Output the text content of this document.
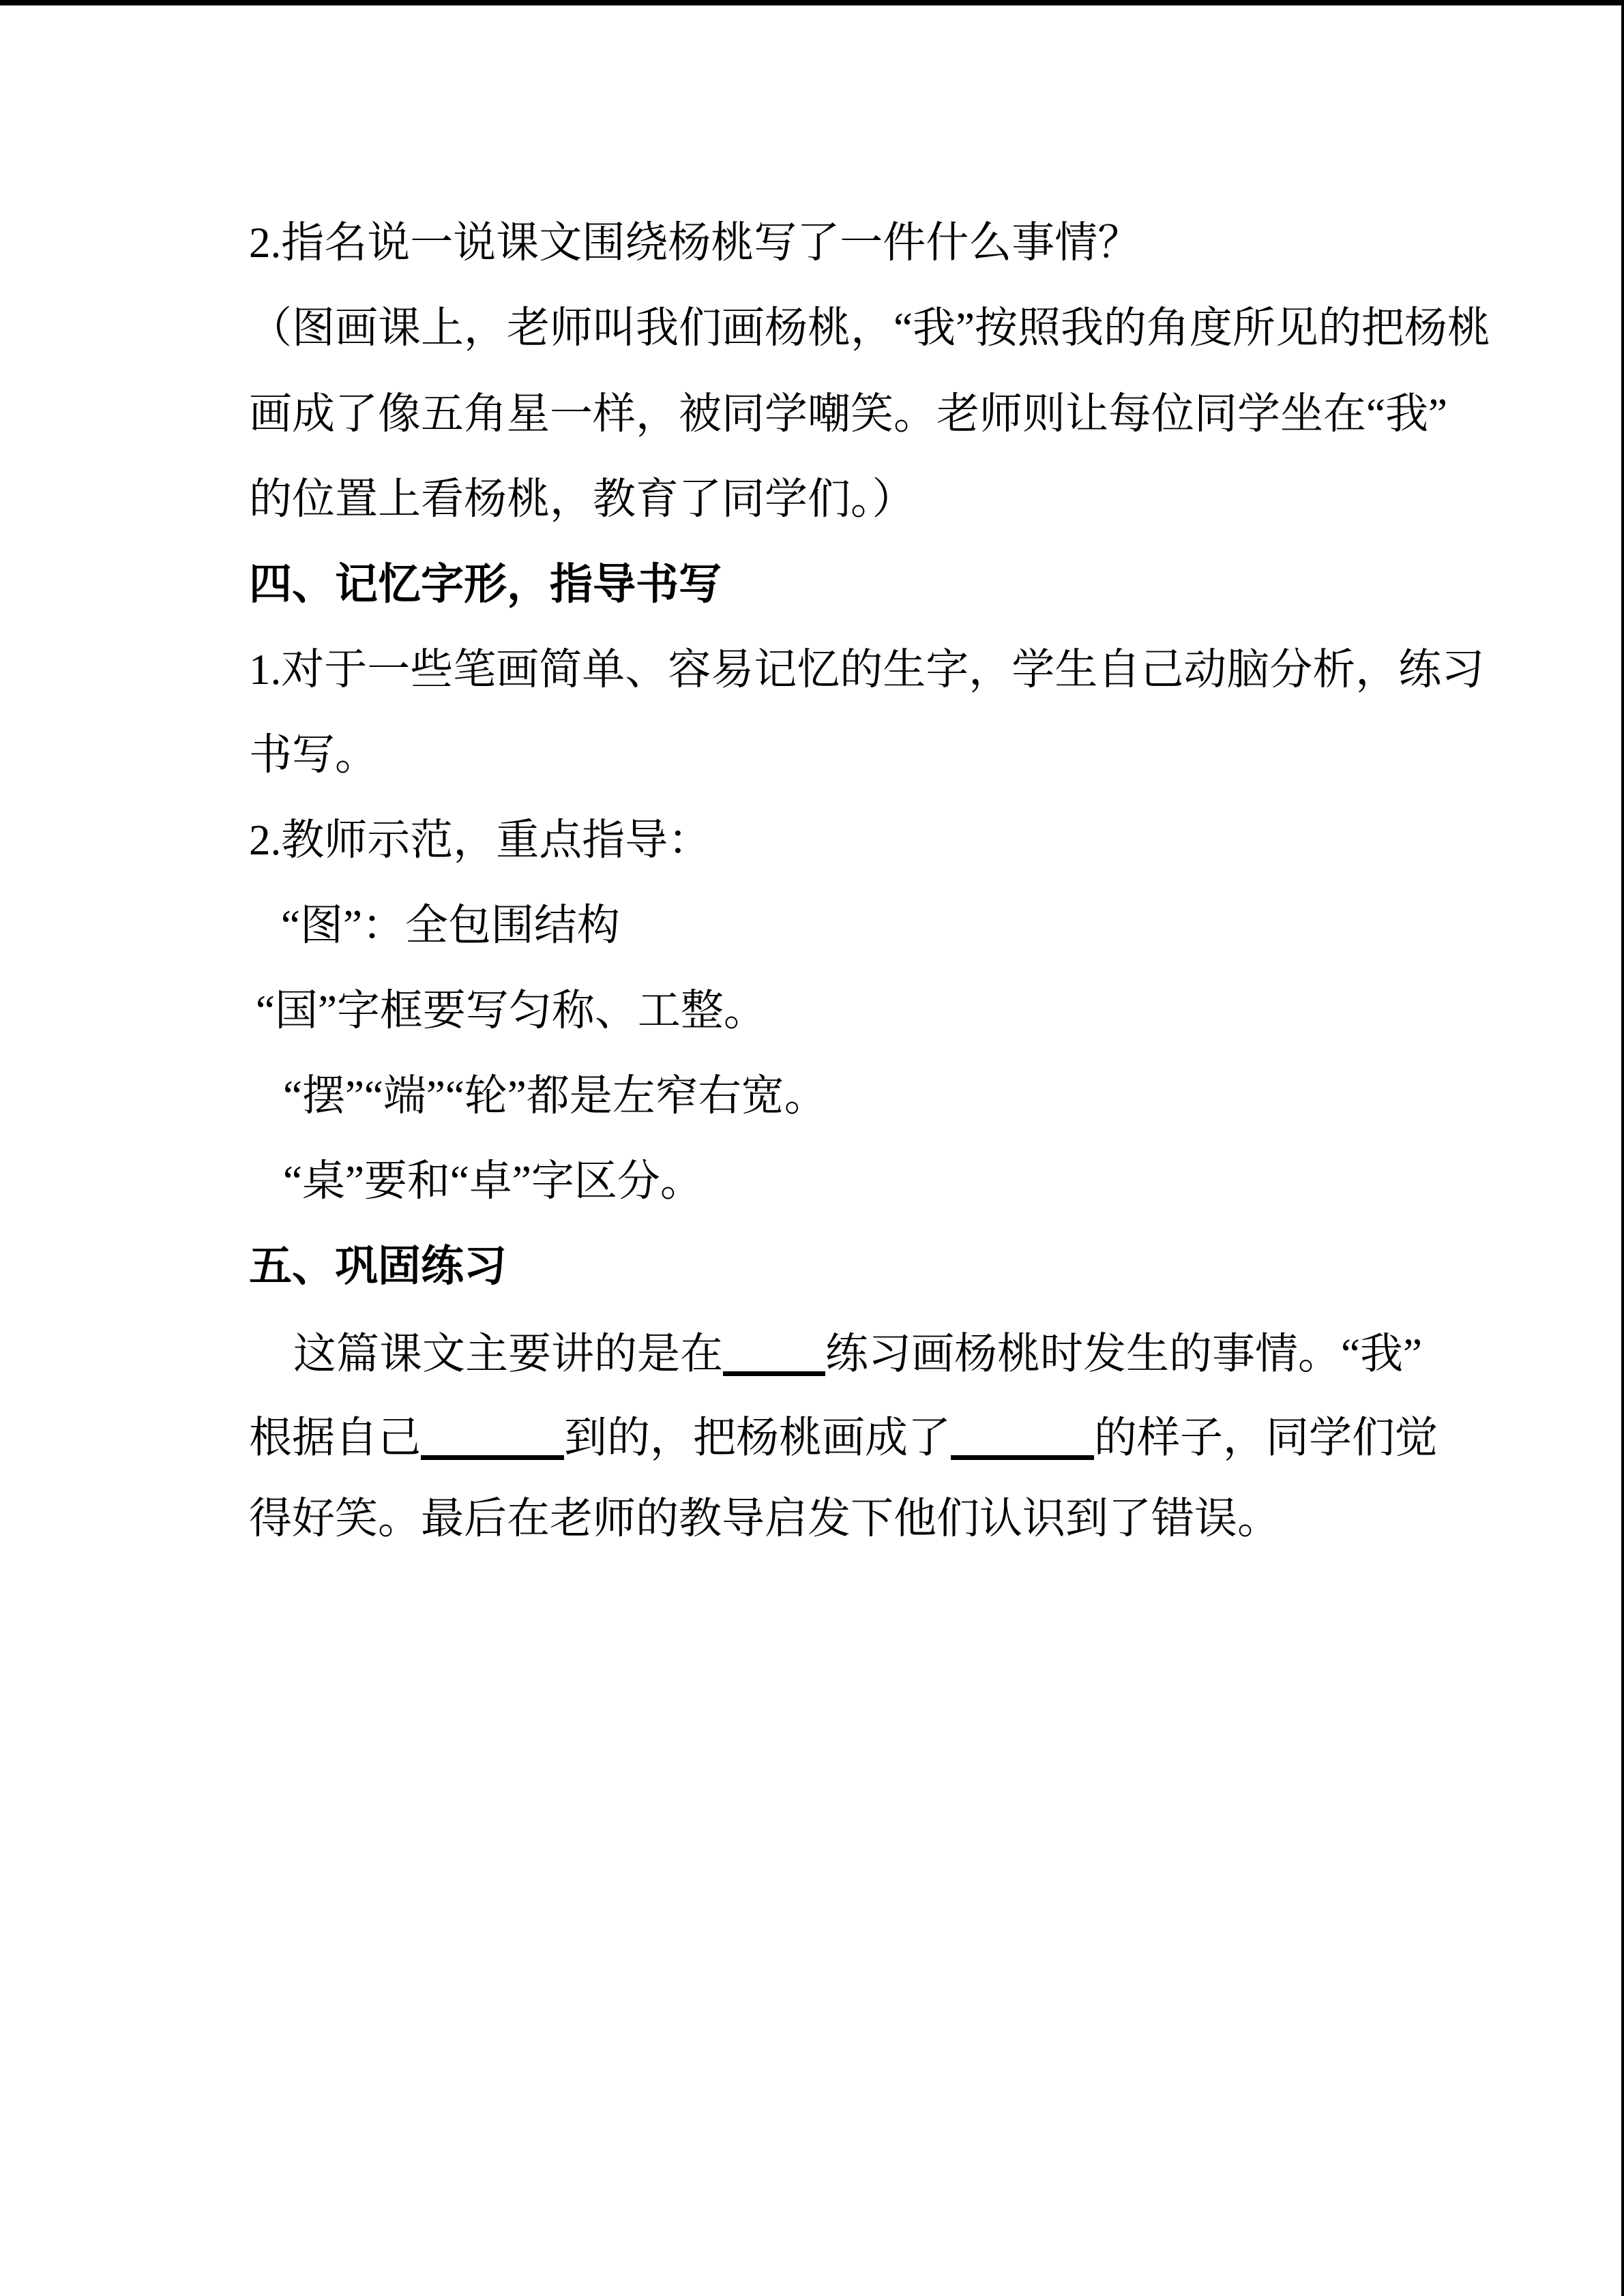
2.指名说一说课文围绕杨桃写了一件什么事情？
（图画课上，老师叫我们画杨桃，“我”按照我的角度所见的把杨桃
画成了像五角星一样，被同学嘲笑。老师则让每位同学坐在“我”
的位置上看杨桃，教育了同学们。）
四、记忆字形，指导书写
1.对于一些笔画简单、容易记忆的生字，学生自己动脑分析，练习
书写。
2.教师示范，重点指导：
“图”：全包围结构
“国”字框要写匀称、工整。
“摆”“端”“轮”都是左窄右宽。
“桌”要和“卓”字区分。
五、巩固练习
这篇课文主要讲的是在 练习画杨桃时发生的事情。“我”
根据自己	到的，把杨桃画成了	的样子，同学们觉
得好笑。最后在老师的教导启发下他们认识到了错误。
